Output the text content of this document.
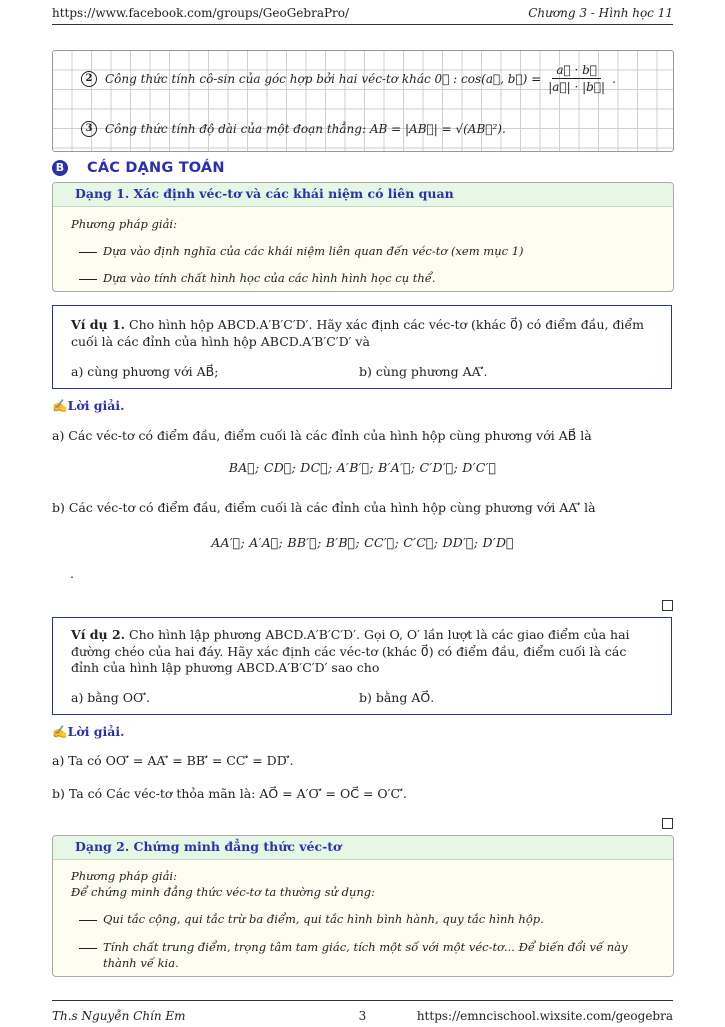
https://www.facebook.com/groups/GeoGebraPro/	Chương 3 - Hình học 11
2	Công thức tính cô-sin của góc hợp bởi hai véc-tơ khác 0⃗ : cos(a⃗, b⃗) = $\frac{a⃗ \cdot b⃗}{|a⃗| \cdot |b⃗|}$ .
3	Công thức tính độ dài của một đoạn thẳng: AB = |AB⃗| = √(AB⃗²).
B CÁC DẠNG TOÁN
Dạng 1. Xác định véc-tơ và các khái niệm có liên quan
Phương pháp giải:
Dựa vào định nghĩa của các khái niệm liên quan đến véc-tơ (xem mục 1)
Dựa vào tính chất hình học của các hình hình học cụ thể.
Ví dụ 1. Cho hình hộp ABCD.A′B′C′D′. Hãy xác định các véc-tơ (khác 0⃗) có điểm đầu, điểm cuối là các đỉnh của hình hộp ABCD.A′B′C′D′ và
a) cùng phương với AB⃗;	b) cùng phương AA′⃗.
✍Lời giải.
a) Các véc-tơ có điểm đầu, điểm cuối là các đỉnh của hình hộp cùng phương với AB⃗ là
BA⃗; CD⃗; DC⃗; A′B′⃗; B′A′⃗; C′D′⃗; D′C′⃗
b) Các véc-tơ có điểm đầu, điểm cuối là các đỉnh của hình hộp cùng phương với AA′⃗ là
AA′⃗; A′A⃗; BB′⃗; B′B⃗; CC′⃗; C′C⃗; DD′⃗; D′D⃗
.
Ví dụ 2. Cho hình lập phương ABCD.A′B′C′D′. Gọi O, O′ lần lượt là các giao điểm của hai đường chéo của hai đáy. Hãy xác định các véc-tơ (khác 0⃗) có điểm đầu, điểm cuối là các đỉnh của hình lập phương ABCD.A′B′C′D′ sao cho
a) bằng OO′⃗.	b) bằng AO⃗.
✍Lời giải.
a) Ta có OO′⃗ = AA′⃗ = BB′⃗ = CC′⃗ = DD′⃗.
b) Ta có Các véc-tơ thỏa mãn là: AO⃗ = A′O′⃗ = OC⃗ = O′C′⃗.
Dạng 2. Chứng minh đẳng thức véc-tơ
Phương pháp giải:
Để chứng minh đẳng thức véc-tơ ta thường sử dụng:
Qui tắc cộng, qui tắc trừ ba điểm, qui tắc hình bình hành, quy tắc hình hộp.
Tính chất trung điểm, trọng tâm tam giác, tích một số với một véc-tơ... Để biến đổi vế này
thành vế kia.
Th.s Nguyễn Chín Em	3	https://emncischool.wixsite.com/geogebra
